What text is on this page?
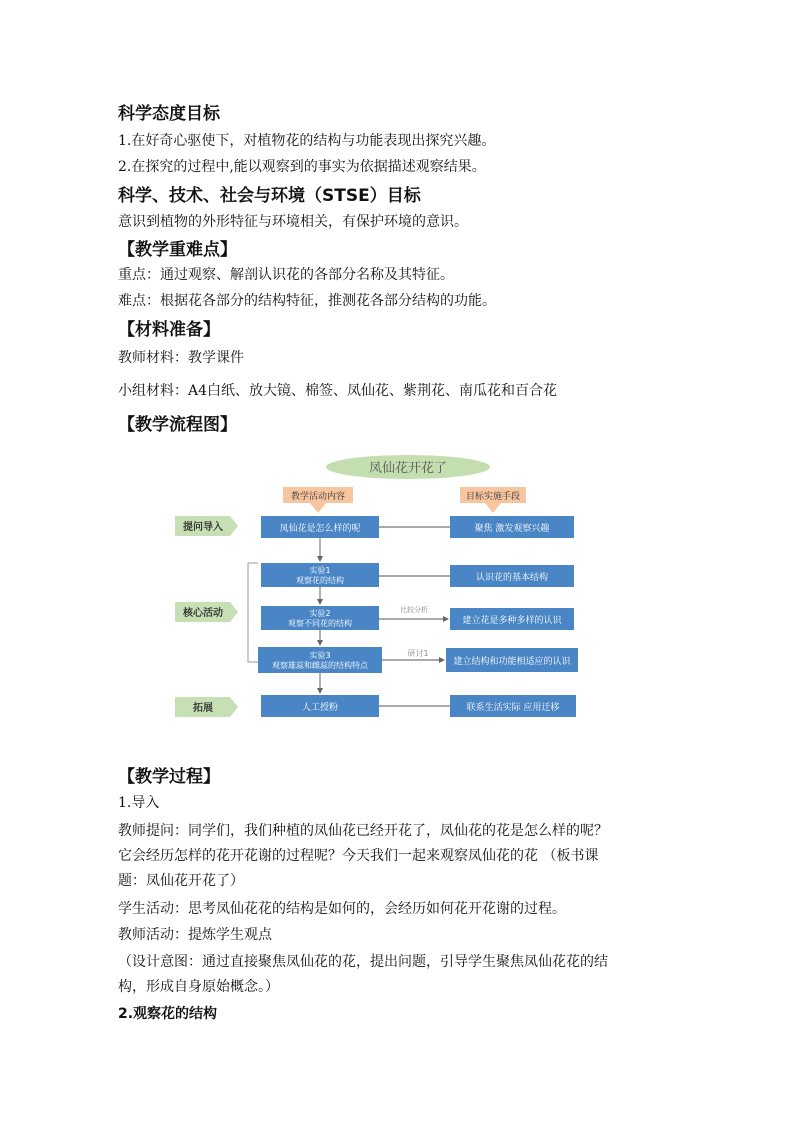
科学态度目标
1.在好奇心驱使下，对植物花的结构与功能表现出探究兴趣。
2.在探究的过程中,能以观察到的事实为依据描述观察结果。
科学、技术、社会与环境（STSE）目标
意识到植物的外形特征与环境相关，有保护环境的意识。
【教学重难点】
重点：通过观察、解剖认识花的各部分名称及其特征。
难点：根据花各部分的结构特征，推测花各部分结构的功能。
【材料准备】
教师材料：教学课件
小组材料：A4白纸、放大镜、棉签、凤仙花、紫荆花、南瓜花和百合花
【教学流程图】
凤仙花开花了
教学活动内容	目标实施手段
提问导入
核心活动
拓展
凤仙花是怎么样的呢	聚焦 激发观察兴趣
实验1
观察花的结构	认识花的基本结构
实验2
观察不同花的结构
比较分析
建立花是多种多样的认识
实验3
观察雄蕊和雌蕊的结构特点
研讨1
建立结构和功能相适应的认识
人工授粉	联系生活实际 应用迁移
【教学过程】
1.导入
教师提问：同学们，我们种植的凤仙花已经开花了，凤仙花的花是怎么样的呢？
它会经历怎样的花开花谢的过程呢？今天我们一起来观察凤仙花的花 （板书课
题：凤仙花开花了）
学生活动：思考凤仙花花的结构是如何的，会经历如何花开花谢的过程。
教师活动：提炼学生观点
（设计意图：通过直接聚焦凤仙花的花，提出问题，引导学生聚焦凤仙花花的结
构，形成自身原始概念。）
2.观察花的结构
